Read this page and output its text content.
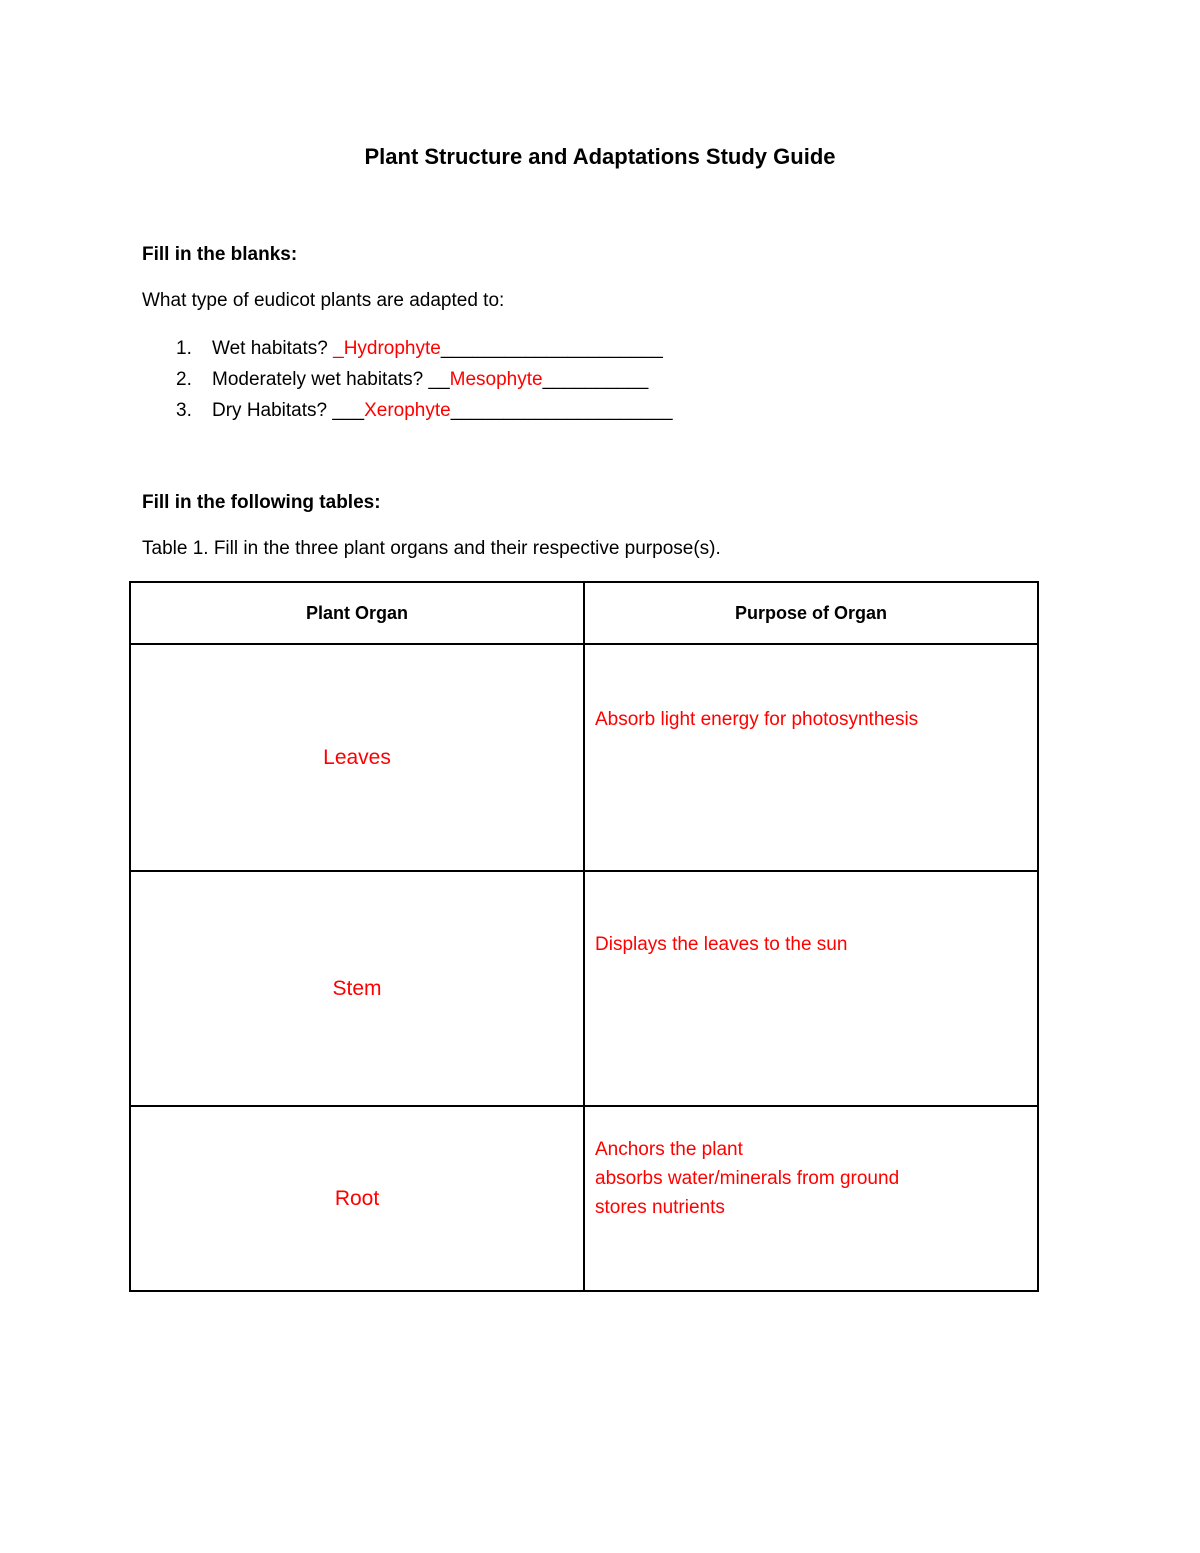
Plant Structure and Adaptations Study Guide
Fill in the blanks:
What type of eudicot plants are adapted to:
1. Wet habitats? _Hydrophyte_____________________
2. Moderately wet habitats? __Mesophyte__________
3. Dry Habitats? ___Xerophyte_____________________
Fill in the following tables:
Table 1. Fill in the three plant organs and their respective purpose(s).
Plant Organ	Purpose of Organ
Leaves	Absorb light energy for photosynthesis

Stem	Displays the leaves to the sun

Root	Anchors the plant
absorbs water/minerals from ground
stores nutrients
